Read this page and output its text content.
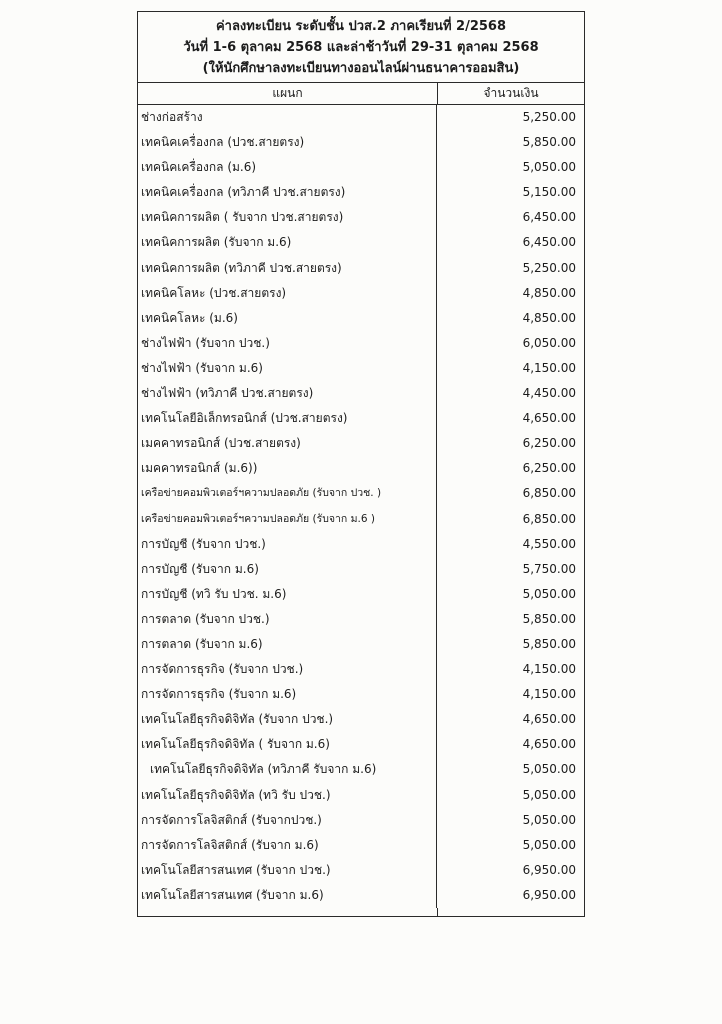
ค่าลงทะเบียน ระดับชั้น ปวส.2 ภาคเรียนที่ 2/2568
วันที่ 1-6 ตุลาคม 2568 และล่าช้าวันที่ 29-31 ตุลาคม 2568
(ให้นักศึกษาลงทะเบียนทางออนไลน์ผ่านธนาคารออมสิน)
แผนก	จำนวนเงิน
ช่างก่อสร้าง	5,250.00
เทคนิคเครื่องกล (ปวช.สายตรง)	5,850.00
เทคนิคเครื่องกล (ม.6)	5,050.00
เทคนิคเครื่องกล (ทวิภาคี ปวช.สายตรง)	5,150.00
เทคนิคการผลิต ( รับจาก ปวช.สายตรง)	6,450.00
เทคนิคการผลิต (รับจาก ม.6)	6,450.00
เทคนิคการผลิต (ทวิภาคี ปวช.สายตรง)	5,250.00
เทคนิคโลหะ (ปวช.สายตรง)	4,850.00
เทคนิคโลหะ (ม.6)	4,850.00
ช่างไฟฟ้า (รับจาก ปวช.)	6,050.00
ช่างไฟฟ้า (รับจาก ม.6)	4,150.00
ช่างไฟฟ้า (ทวิภาคี ปวช.สายตรง)	4,450.00
เทคโนโลยีอิเล็กทรอนิกส์ (ปวช.สายตรง)	4,650.00
เมคคาทรอนิกส์ (ปวช.สายตรง)	6,250.00
เมคคาทรอนิกส์ (ม.6))	6,250.00
เครือข่ายคอมพิวเตอร์ฯความปลอดภัย (รับจาก ปวช. )	6,850.00
เครือข่ายคอมพิวเตอร์ฯความปลอดภัย (รับจาก ม.6 )	6,850.00
การบัญชี (รับจาก ปวช.)	4,550.00
การบัญชี (รับจาก ม.6)	5,750.00
การบัญชี (ทวิ รับ ปวช. ม.6)	5,050.00
การตลาด (รับจาก ปวช.)	5,850.00
การตลาด (รับจาก ม.6)	5,850.00
การจัดการธุรกิจ (รับจาก ปวช.)	4,150.00
การจัดการธุรกิจ (รับจาก ม.6)	4,150.00
เทคโนโลยีธุรกิจดิจิทัล (รับจาก ปวช.)	4,650.00
เทคโนโลยีธุรกิจดิจิทัล ( รับจาก ม.6)	4,650.00
เทคโนโลยีธุรกิจดิจิทัล (ทวิภาคี รับจาก ม.6)	5,050.00
เทคโนโลยีธุรกิจดิจิทัล (ทวิ รับ ปวช.)	5,050.00
การจัดการโลจิสติกส์ (รับจากปวช.)	5,050.00
การจัดการโลจิสติกส์ (รับจาก ม.6)	5,050.00
เทคโนโลยีสารสนเทศ (รับจาก ปวช.)	6,950.00
เทคโนโลยีสารสนเทศ (รับจาก ม.6)	6,950.00
